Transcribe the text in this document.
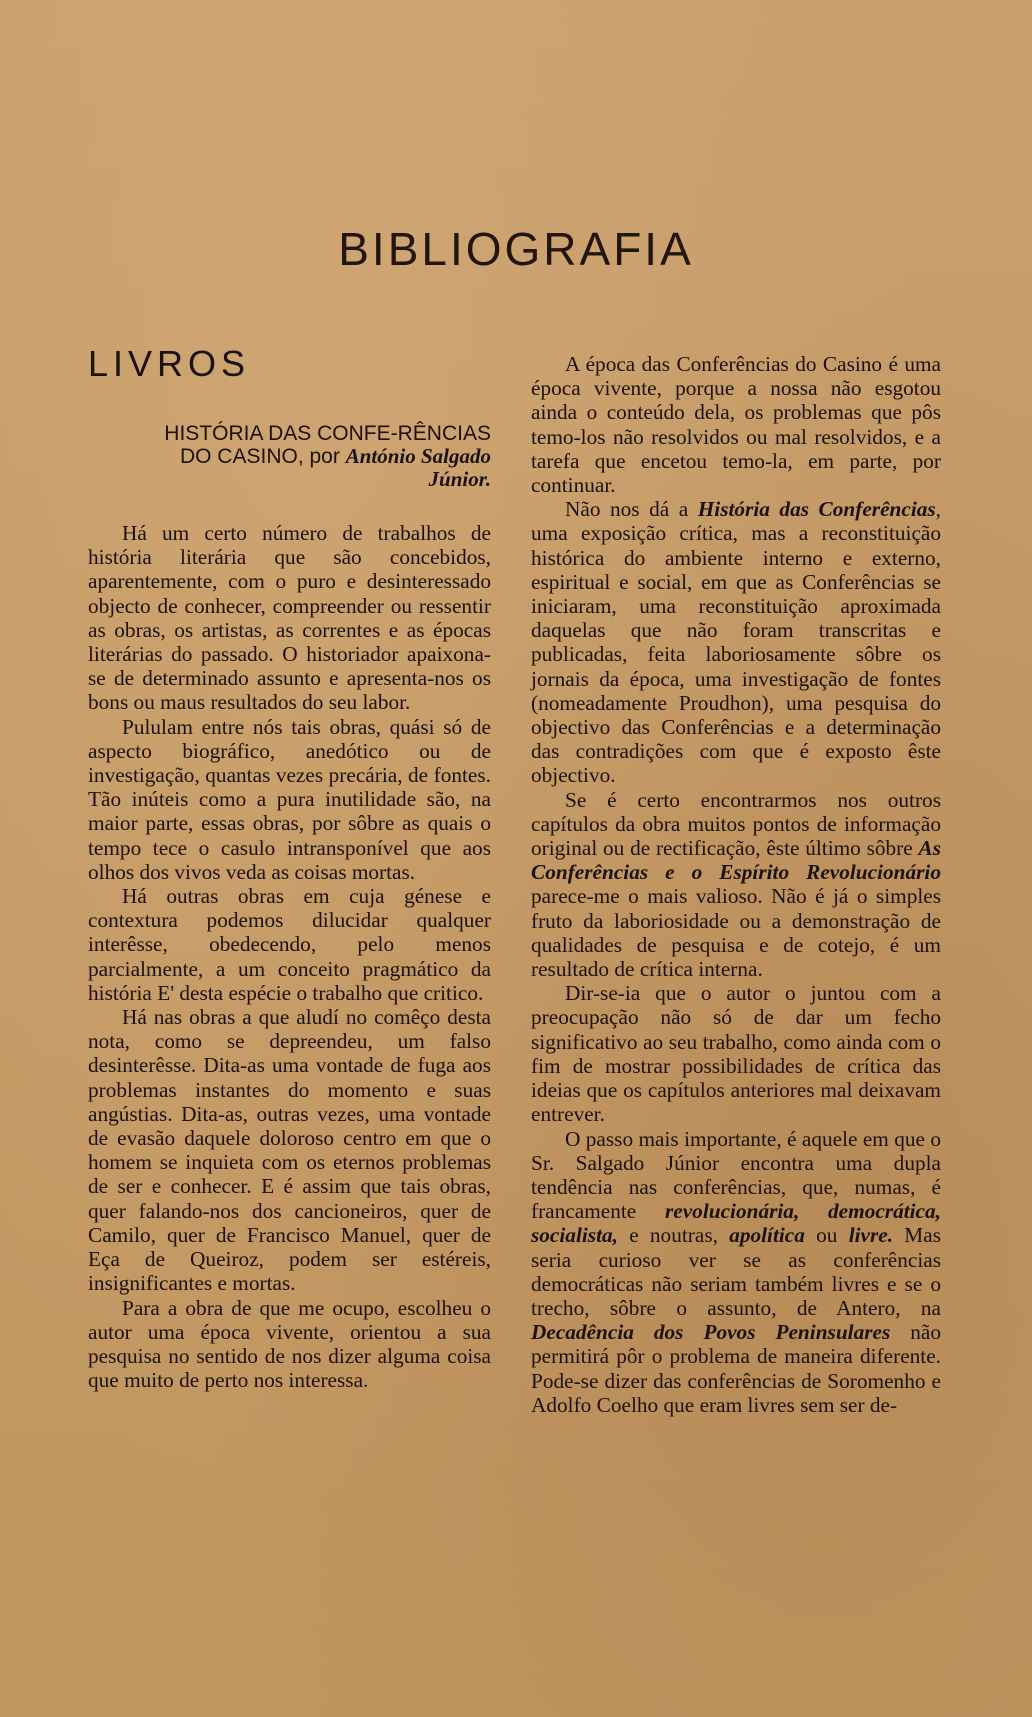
BIBLIOGRAFIA
LIVROS
HISTÓRIA DAS CONFE-RÊNCIAS DO CASINO, por António Salgado Júnior.

Há um certo número de trabalhos de história literária que são concebidos, aparentemente, com o puro e desinteressado objecto de conhecer, compreender ou ressentir as obras, os artistas, as correntes e as épocas literárias do passado. O historiador apaixona-se de determinado assunto e apresenta-nos os bons ou maus resultados do seu labor.

Pululam entre nós tais obras, quási só de aspecto biográfico, anedótico ou de investigação, quantas vezes precária, de fontes. Tão inúteis como a pura inutilidade são, na maior parte, essas obras, por sôbre as quais o tempo tece o casulo intransponível que aos olhos dos vivos veda as coisas mortas.

Há outras obras em cuja génese e contextura podemos dilucidar qualquer interêsse, obedecendo, pelo menos parcialmente, a um conceito pragmático da história E' desta espécie o trabalho que critico.

Há nas obras a que aludí no comêço desta nota, como se depreendeu, um falso desinterêsse. Dita-as uma vontade de fuga aos problemas instantes do momento e suas angústias. Dita-as, outras vezes, uma vontade de evasão daquele doloroso centro em que o homem se inquieta com os eternos problemas de ser e conhecer. E é assim que tais obras, quer falando-nos dos cancioneiros, quer de Camilo, quer de Francisco Manuel, quer de Eça de Queiroz, podem ser estéreis, insignificantes e mortas.

Para a obra de que me ocupo, escolheu o autor uma época vivente, orientou a sua pesquisa no sentido de nos dizer alguma coisa que muito de perto nos interessa.

A época das Conferências do Casino é uma época vivente, porque a nossa não esgotou ainda o conteúdo dela, os problemas que pôs temo-los não resolvidos ou mal resolvidos, e a tarefa que encetou temo-la, em parte, por continuar.

Não nos dá a História das Conferências, uma exposição crítica, mas a reconstituição histórica do ambiente interno e externo, espiritual e social, em que as Conferências se iniciaram, uma reconstituição aproximada daquelas que não foram transcritas e publicadas, feita laboriosamente sôbre os jornais da época, uma investigação de fontes (nomeadamente Proudhon), uma pesquisa do objectivo das Conferências e a determinação das contradições com que é exposto êste objectivo.

Se é certo encontrarmos nos outros capítulos da obra muitos pontos de informação original ou de rectificação, êste último sôbre As Conferências e o Espírito Revolucionário parece-me o mais valioso. Não é já o simples fruto da laboriosidade ou a demonstração de qualidades de pesquisa e de cotejo, é um resultado de crítica interna.

Dir-se-ia que o autor o juntou com a preocupação não só de dar um fecho significativo ao seu trabalho, como ainda com o fim de mostrar possibilidades de crítica das ideias que os capítulos anteriores mal deixavam entrever.

O passo mais importante, é aquele em que o Sr. Salgado Júnior encontra uma dupla tendência nas conferências, que, numas, é francamente revolucionária, democrática, socialista, e noutras, apolítica ou livre. Mas seria curioso ver se as conferências democráticas não seriam também livres e se o trecho, sôbre o assunto, de Antero, na Decadência dos Povos Peninsulares não permitirá pôr o problema de maneira diferente. Pode-se dizer das conferências de Soromenho e Adolfo Coelho que eram livres sem ser de-
